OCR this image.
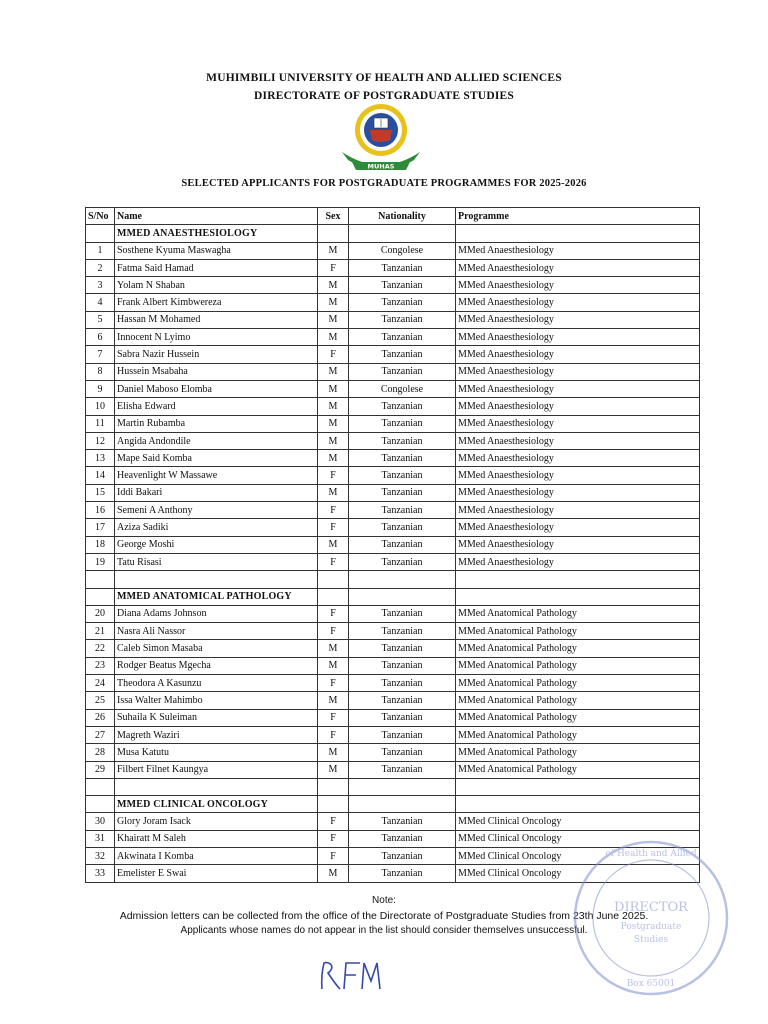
MUHIMBILI UNIVERSITY OF HEALTH AND ALLIED SCIENCES
DIRECTORATE OF POSTGRADUATE STUDIES
MUHAS
SELECTED APPLICANTS FOR POSTGRADUATE PROGRAMMES FOR 2025-2026
S/No	Name	Sex	Nationality	Programme
	MMED ANAESTHESIOLOGY			
1	Sosthene Kyuma Maswagha	M	Congolese	MMed Anaesthesiology
2	Fatma Said Hamad	F	Tanzanian	MMed Anaesthesiology
3	Yolam N Shaban	M	Tanzanian	MMed Anaesthesiology
4	Frank Albert Kimbwereza	M	Tanzanian	MMed Anaesthesiology
5	Hassan M Mohamed	M	Tanzanian	MMed Anaesthesiology
6	Innocent N Lyimo	M	Tanzanian	MMed Anaesthesiology
7	Sabra Nazir Hussein	F	Tanzanian	MMed Anaesthesiology
8	Hussein Msabaha	M	Tanzanian	MMed Anaesthesiology
9	Daniel Maboso Elomba	M	Congolese	MMed Anaesthesiology
10	Elisha Edward	M	Tanzanian	MMed Anaesthesiology
11	Martin Rubamba	M	Tanzanian	MMed Anaesthesiology
12	Angida Andondile	M	Tanzanian	MMed Anaesthesiology
13	Mape Said Komba	M	Tanzanian	MMed Anaesthesiology
14	Heavenlight W Massawe	F	Tanzanian	MMed Anaesthesiology
15	Iddi Bakari	M	Tanzanian	MMed Anaesthesiology
16	Semeni A Anthony	F	Tanzanian	MMed Anaesthesiology
17	Aziza Sadiki	F	Tanzanian	MMed Anaesthesiology
18	George Moshi	M	Tanzanian	MMed Anaesthesiology
19	Tatu Risasi	F	Tanzanian	MMed Anaesthesiology

	MMED ANATOMICAL PATHOLOGY			
20	Diana Adams Johnson	F	Tanzanian	MMed Anatomical Pathology
21	Nasra Ali Nassor	F	Tanzanian	MMed Anatomical Pathology
22	Caleb Simon Masaba	M	Tanzanian	MMed Anatomical Pathology
23	Rodger Beatus Mgecha	M	Tanzanian	MMed Anatomical Pathology
24	Theodora A Kasunzu	F	Tanzanian	MMed Anatomical Pathology
25	Issa Walter Mahimbo	M	Tanzanian	MMed Anatomical Pathology
26	Suhaila K Suleiman	F	Tanzanian	MMed Anatomical Pathology
27	Magreth Waziri	F	Tanzanian	MMed Anatomical Pathology
28	Musa Katutu	M	Tanzanian	MMed Anatomical Pathology
29	Filbert Filnet Kaungya	M	Tanzanian	MMed Anatomical Pathology

	MMED CLINICAL ONCOLOGY			
30	Glory Joram Isack	F	Tanzanian	MMed Clinical Oncology
31	Khairatt M Saleh	F	Tanzanian	MMed Clinical Oncology
32	Akwinata I Komba	F	Tanzanian	MMed Clinical Oncology
33	Emelister E Swai	M	Tanzanian	MMed Clinical Oncology
Note:
Admission letters can be collected from the office of the Directorate of Postgraduate Studies from 23th June 2025.
Applicants whose names do not appear in the list should consider themselves unsuccessful.
DIRECTOR
Postgraduate
Studies
Box 65001
of Health and Allied
